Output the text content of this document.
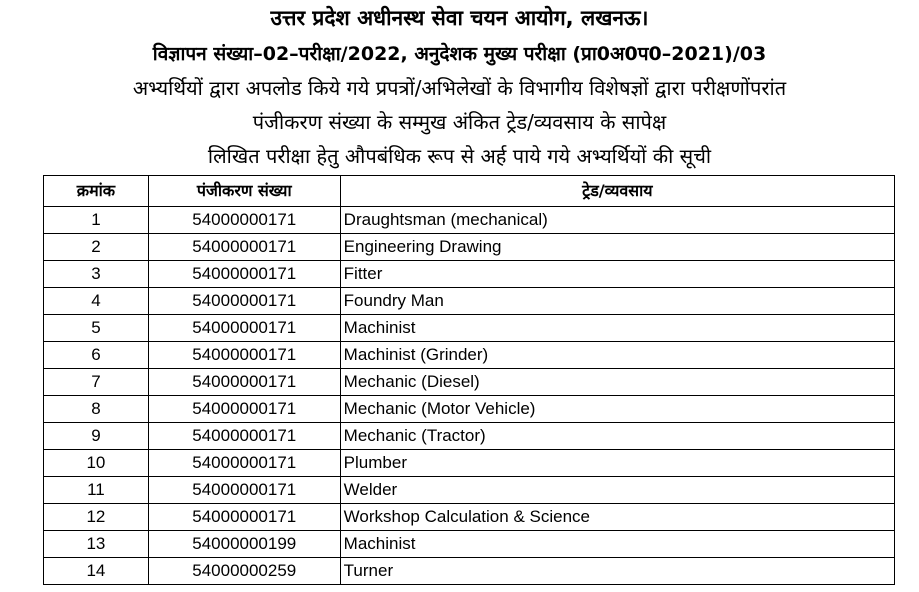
उत्तर प्रदेश अधीनस्थ सेवा चयन आयोग, लखनऊ।
विज्ञापन संख्या–02–परीक्षा/2022, अनुदेशक मुख्य परीक्षा (प्रा0अ0प0–2021)/03
अभ्यर्थियों द्वारा अपलोड किये गये प्रपत्रों/अभिलेखों के विभागीय विशेषज्ञों द्वारा परीक्षणोंपरांत
पंजीकरण संख्या के सम्मुख अंकित ट्रेड/व्यवसाय के सापेक्ष
लिखित परीक्षा हेतु औपबंधिक रूप से अर्ह पाये गये अभ्यर्थियों की सूची
क्रमांक	पंजीकरण संख्या	ट्रेड/व्यवसाय
1	54000000171	Draughtsman (mechanical)
2	54000000171	Engineering Drawing
3	54000000171	Fitter
4	54000000171	Foundry Man
5	54000000171	Machinist
6	54000000171	Machinist (Grinder)
7	54000000171	Mechanic (Diesel)
8	54000000171	Mechanic (Motor Vehicle)
9	54000000171	Mechanic (Tractor)
10	54000000171	Plumber
11	54000000171	Welder
12	54000000171	Workshop Calculation & Science
13	54000000199	Machinist
14	54000000259	Turner
